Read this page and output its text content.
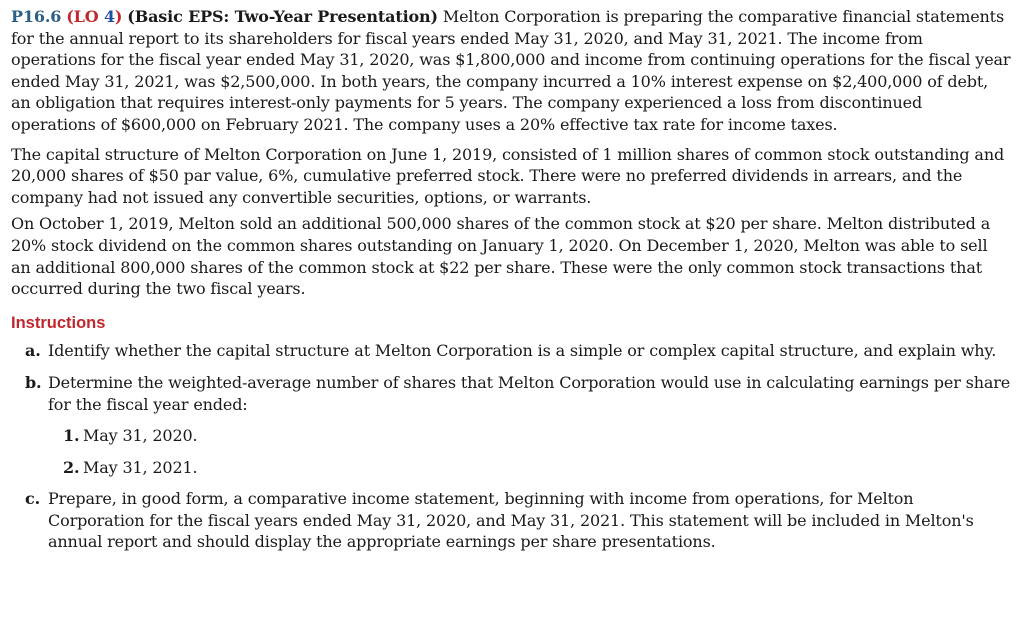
P16.6 (LO 4) (Basic EPS: Two-Year Presentation) Melton Corporation is preparing the comparative financial statements for the annual report to its shareholders for fiscal years ended May 31, 2020, and May 31, 2021. The income from operations for the fiscal year ended May 31, 2020, was $1,800,000 and income from continuing operations for the fiscal year ended May 31, 2021, was $2,500,000. In both years, the company incurred a 10% interest expense on $2,400,000 of debt, an obligation that requires interest-only payments for 5 years. The company experienced a loss from discontinued operations of $600,000 on February 2021. The company uses a 20% effective tax rate for income taxes.

The capital structure of Melton Corporation on June 1, 2019, consisted of 1 million shares of common stock outstanding and 20,000 shares of $50 par value, 6%, cumulative preferred stock. There were no preferred dividends in arrears, and the company had not issued any convertible securities, options, or warrants.

On October 1, 2019, Melton sold an additional 500,000 shares of the common stock at $20 per share. Melton distributed a 20% stock dividend on the common shares outstanding on January 1, 2020. On December 1, 2020, Melton was able to sell an additional 800,000 shares of the common stock at $22 per share. These were the only common stock transactions that occurred during the two fiscal years.

Instructions
a. Identify whether the capital structure at Melton Corporation is a simple or complex capital structure, and explain why.
b. Determine the weighted-average number of shares that Melton Corporation would use in calculating earnings per share for the fiscal year ended:
1. May 31, 2020.
2. May 31, 2021.
c. Prepare, in good form, a comparative income statement, beginning with income from operations, for Melton Corporation for the fiscal years ended May 31, 2020, and May 31, 2021. This statement will be included in Melton's annual report and should display the appropriate earnings per share presentations.
